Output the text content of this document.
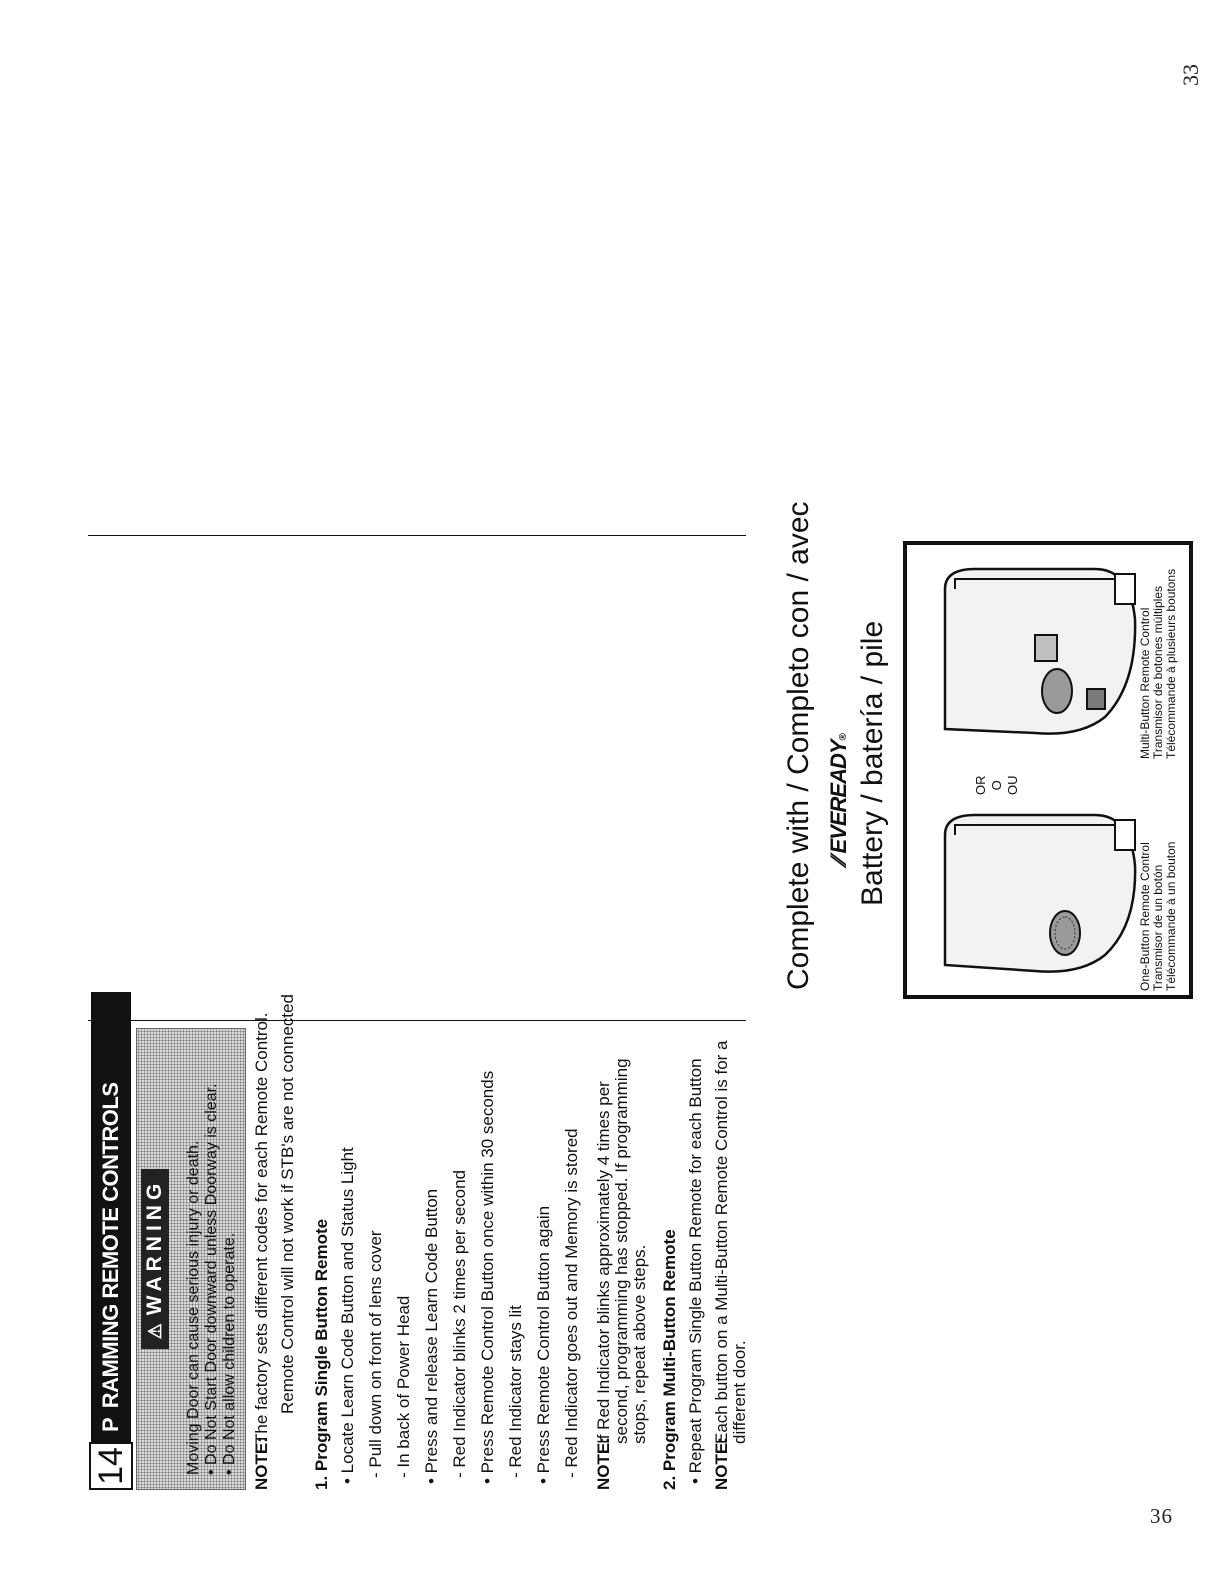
33
36
14
P  RAMMING REMOTE CONTROLS	⚠
WARNING Moving Door can cause serious injury or death. • Do Not Start Door downward unless Doorway is clear. • Do Not allow children to operate. NOTE:
The factory sets different codes for each Remote Control. Remote Control will not work if STB's are not connected 1. Program Single Button Remote • Locate Learn Code Button and Status Light - Pull down on front of lens cover - In back of Power Head • Press and release Learn Code Button - Red Indicator blinks 2 times per second • Press Remote Control Button once within 30 seconds - Red Indicator stays lit • Press Remote Control Button again - Red Indicator goes out and Memory is stored NOTE:
If Red Indicator blinks approximately 4 times per second, programming has stopped. If programming stops, repeat above steps. 2. Program Multi-Button Remote • Repeat Program Single Button Remote for each Button NOTE:
Each button on a Multi-Button Remote Control is for a different door.
Complete with / Completo con / avec ⁄⁄ EVEREADY® Battery / batería / pile	OR O OU
One-Button Remote Control Transmisor de un botón Télécommande à un bouton
Multi-Button Remote Control Transmisor de botones múltiples Télécommande à plusieurs boutons
